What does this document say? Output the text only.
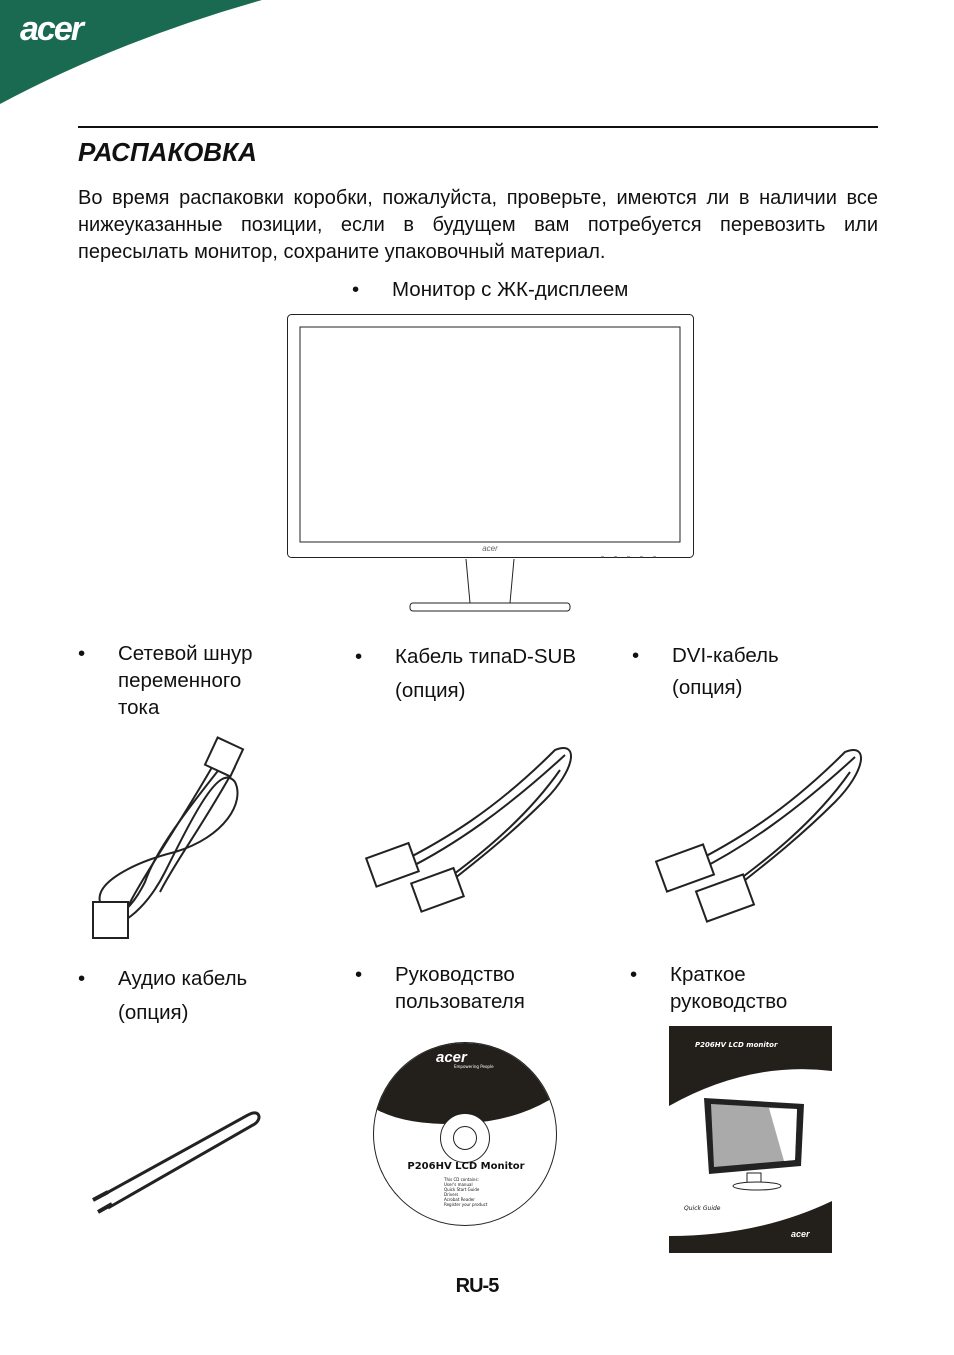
acer
РАСПАКОВКА
Во время распаковки коробки, пожалуйста, проверьте, имеются ли в наличии все нижеуказанные позиции, если в будущем вам потребуется перевозить или пересылать монитор, сохраните упаковочный материал.
•	Монитор с ЖК-дисплеем
acer
•	Сетевой шнур
переменного
тока
•	Кабель типаD-SUB
(опция)
•	DVI-кабель
(опция)
•	Аудио кабель
(опция)
•	Руководство
пользователя
•	Краткое
руководство
acer
Empowering People
P206HV LCD Monitor
This CD contains:
User's manual
Quick Start Guide
Drivers
Acrobat Reader
Register your product
P206HV LCD monitor
Quick Guide
acer
RU-5
